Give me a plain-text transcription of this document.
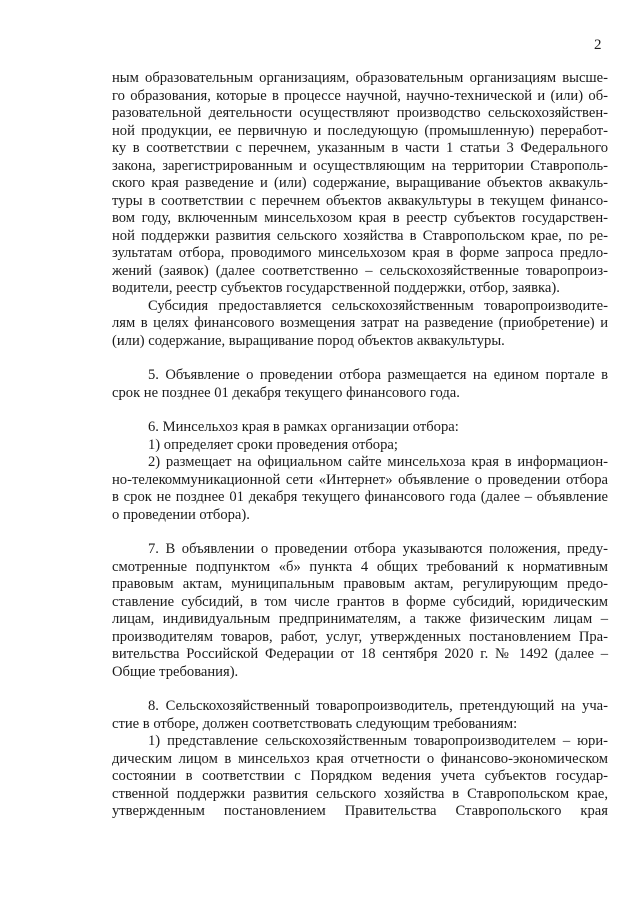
2
ным образовательным организациям, образовательным организациям высше-
го образования, которые в процессе научной, научно-технической и (или) об-
разовательной деятельности осуществляют производство сельскохозяйствен-
ной продукции, ее первичную и последующую (промышленную) переработ-
ку в соответствии с перечнем, указанным в части 1 статьи 3 Федерального
закона, зарегистрированным и осуществляющим на территории Ставрополь-
ского края разведение и (или) содержание, выращивание объектов аквакуль-
туры в соответствии с перечнем объектов аквакультуры в текущем финансо-
вом году, включенным минсельхозом края в реестр субъектов государствен-
ной поддержки развития сельского хозяйства в Ставропольском крае, по ре-
зультатам отбора, проводимого минсельхозом края в форме запроса предло-
жений (заявок) (далее соответственно – сельскохозяйственные товаропроиз-
водители, реестр субъектов государственной поддержки, отбор, заявка).
Субсидия предоставляется сельскохозяйственным товаропроизводите-
лям в целях финансового возмещения затрат на разведение (приобретение) и
(или) содержание, выращивание пород объектов аквакультуры.
5. Объявление о проведении отбора размещается на едином портале в
срок не позднее 01 декабря текущего финансового года.
6. Минсельхоз края в рамках организации отбора:
1) определяет сроки проведения отбора;
2) размещает на официальном сайте минсельхоза края в информацион-
но-телекоммуникационной сети «Интернет» объявление о проведении отбора
в срок не позднее 01 декабря текущего финансового года (далее – объявление
о проведении отбора).
7. В объявлении о проведении отбора указываются положения, преду-
смотренные подпунктом «б» пункта 4 общих требований к нормативным
правовым актам, муниципальным правовым актам, регулирующим предо-
ставление субсидий, в том числе грантов в форме субсидий, юридическим
лицам, индивидуальным предпринимателям, а также физическим лицам –
производителям товаров, работ, услуг, утвержденных постановлением Пра-
вительства Российской Федерации от 18 сентября 2020 г. № 1492 (далее –
Общие требования).
8. Сельскохозяйственный товаропроизводитель, претендующий на уча-
стие в отборе, должен соответствовать следующим требованиям:
1) представление сельскохозяйственным товаропроизводителем – юри-
дическим лицом в минсельхоз края отчетности о финансово-экономическом
состоянии в соответствии с Порядком ведения учета субъектов государ-
ственной поддержки развития сельского хозяйства в Ставропольском крае,
утвержденным постановлением Правительства Ставропольского края
